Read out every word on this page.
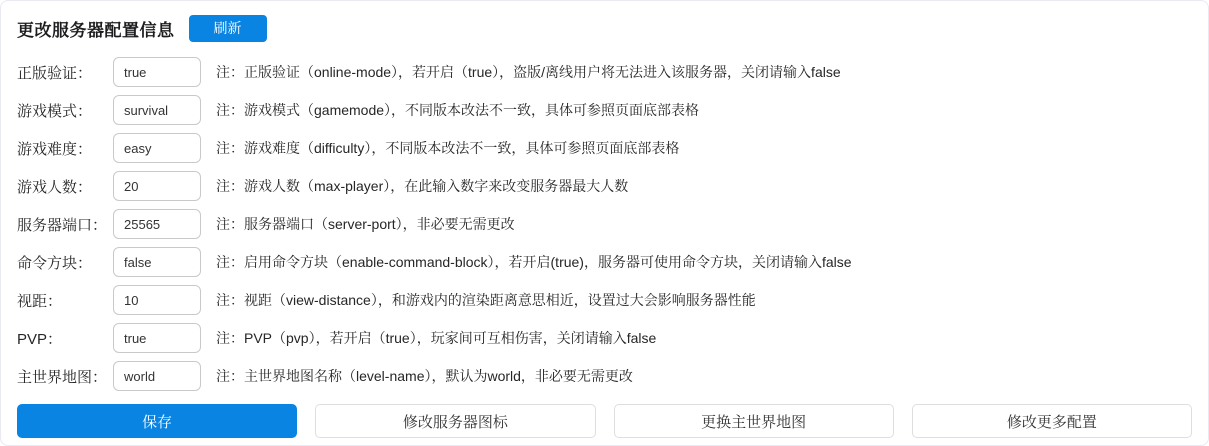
更改服务器配置信息	刷新
正版验证：
true	注：正版验证（online-mode），若开启（true），盗版/离线用户将无法进入该服务器，关闭请输入false
游戏模式：
survival	注：游戏模式（gamemode），不同版本改法不一致，具体可参照页面底部表格
游戏难度：
easy	注：游戏难度（difficulty），不同版本改法不一致，具体可参照页面底部表格
游戏人数：
20	注：游戏人数（max-player），在此输入数字来改变服务器最大人数
服务器端口：
25565	注：服务器端口（server-port），非必要无需更改
命令方块：
false	注：启用命令方块（enable-command-block），若开启(true)，服务器可使用命令方块，关闭请输入false
视距：
10	注：视距（view-distance），和游戏内的渲染距离意思相近，设置过大会影响服务器性能
PVP：
true	注：PVP（pvp），若开启（true），玩家间可互相伤害，关闭请输入false
主世界地图：
world	注：主世界地图名称（level-name），默认为world，非必要无需更改
保存	修改服务器图标	更换主世界地图	修改更多配置
